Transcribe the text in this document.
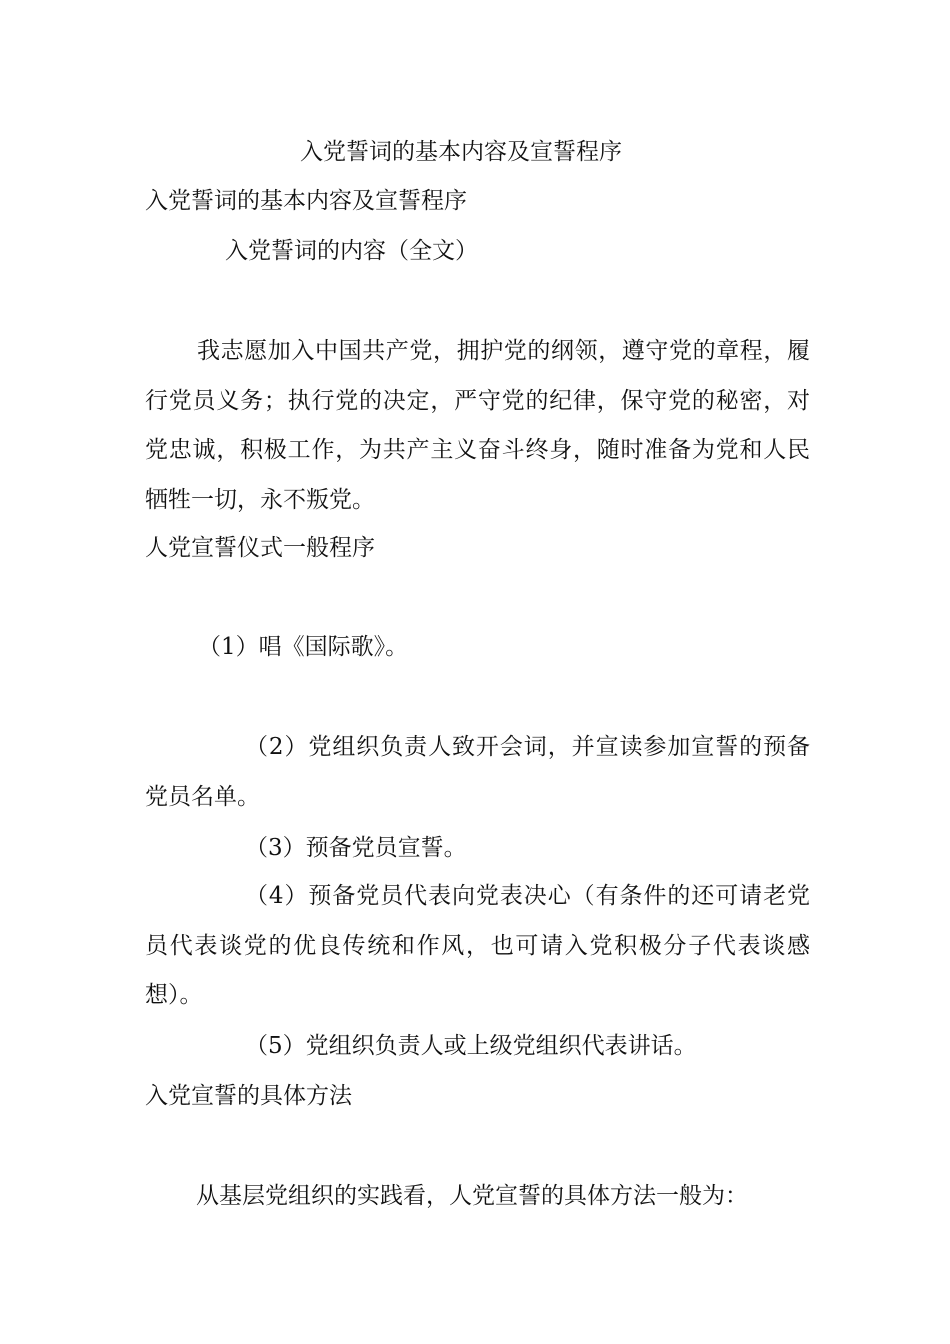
入党誓词的基本内容及宣誓程序
入党誓词的基本内容及宣誓程序
入党誓词的内容（全文）

我志愿加入中国共产党，拥护党的纲领，遵守党的章程，履行党员义务；执行党的决定，严守党的纪律，保守党的秘密，对党忠诚，积极工作，为共产主义奋斗终身，随时准备为党和人民牺牲一切，永不叛党。

人党宣誓仪式一般程序
（1）唱《国际歌》。

（2）党组织负责人致开会词，并宣读参加宣誓的预备党员名单。

（3）预备党员宣誓。

（4）预备党员代表向党表决心（有条件的还可请老党员代表谈党的优良传统和作风，也可请入党积极分子代表谈感想）。

（5）党组织负责人或上级党组织代表讲话。
入党宣誓的具体方法
从基层党组织的实践看，人党宣誓的具体方法一般为：
